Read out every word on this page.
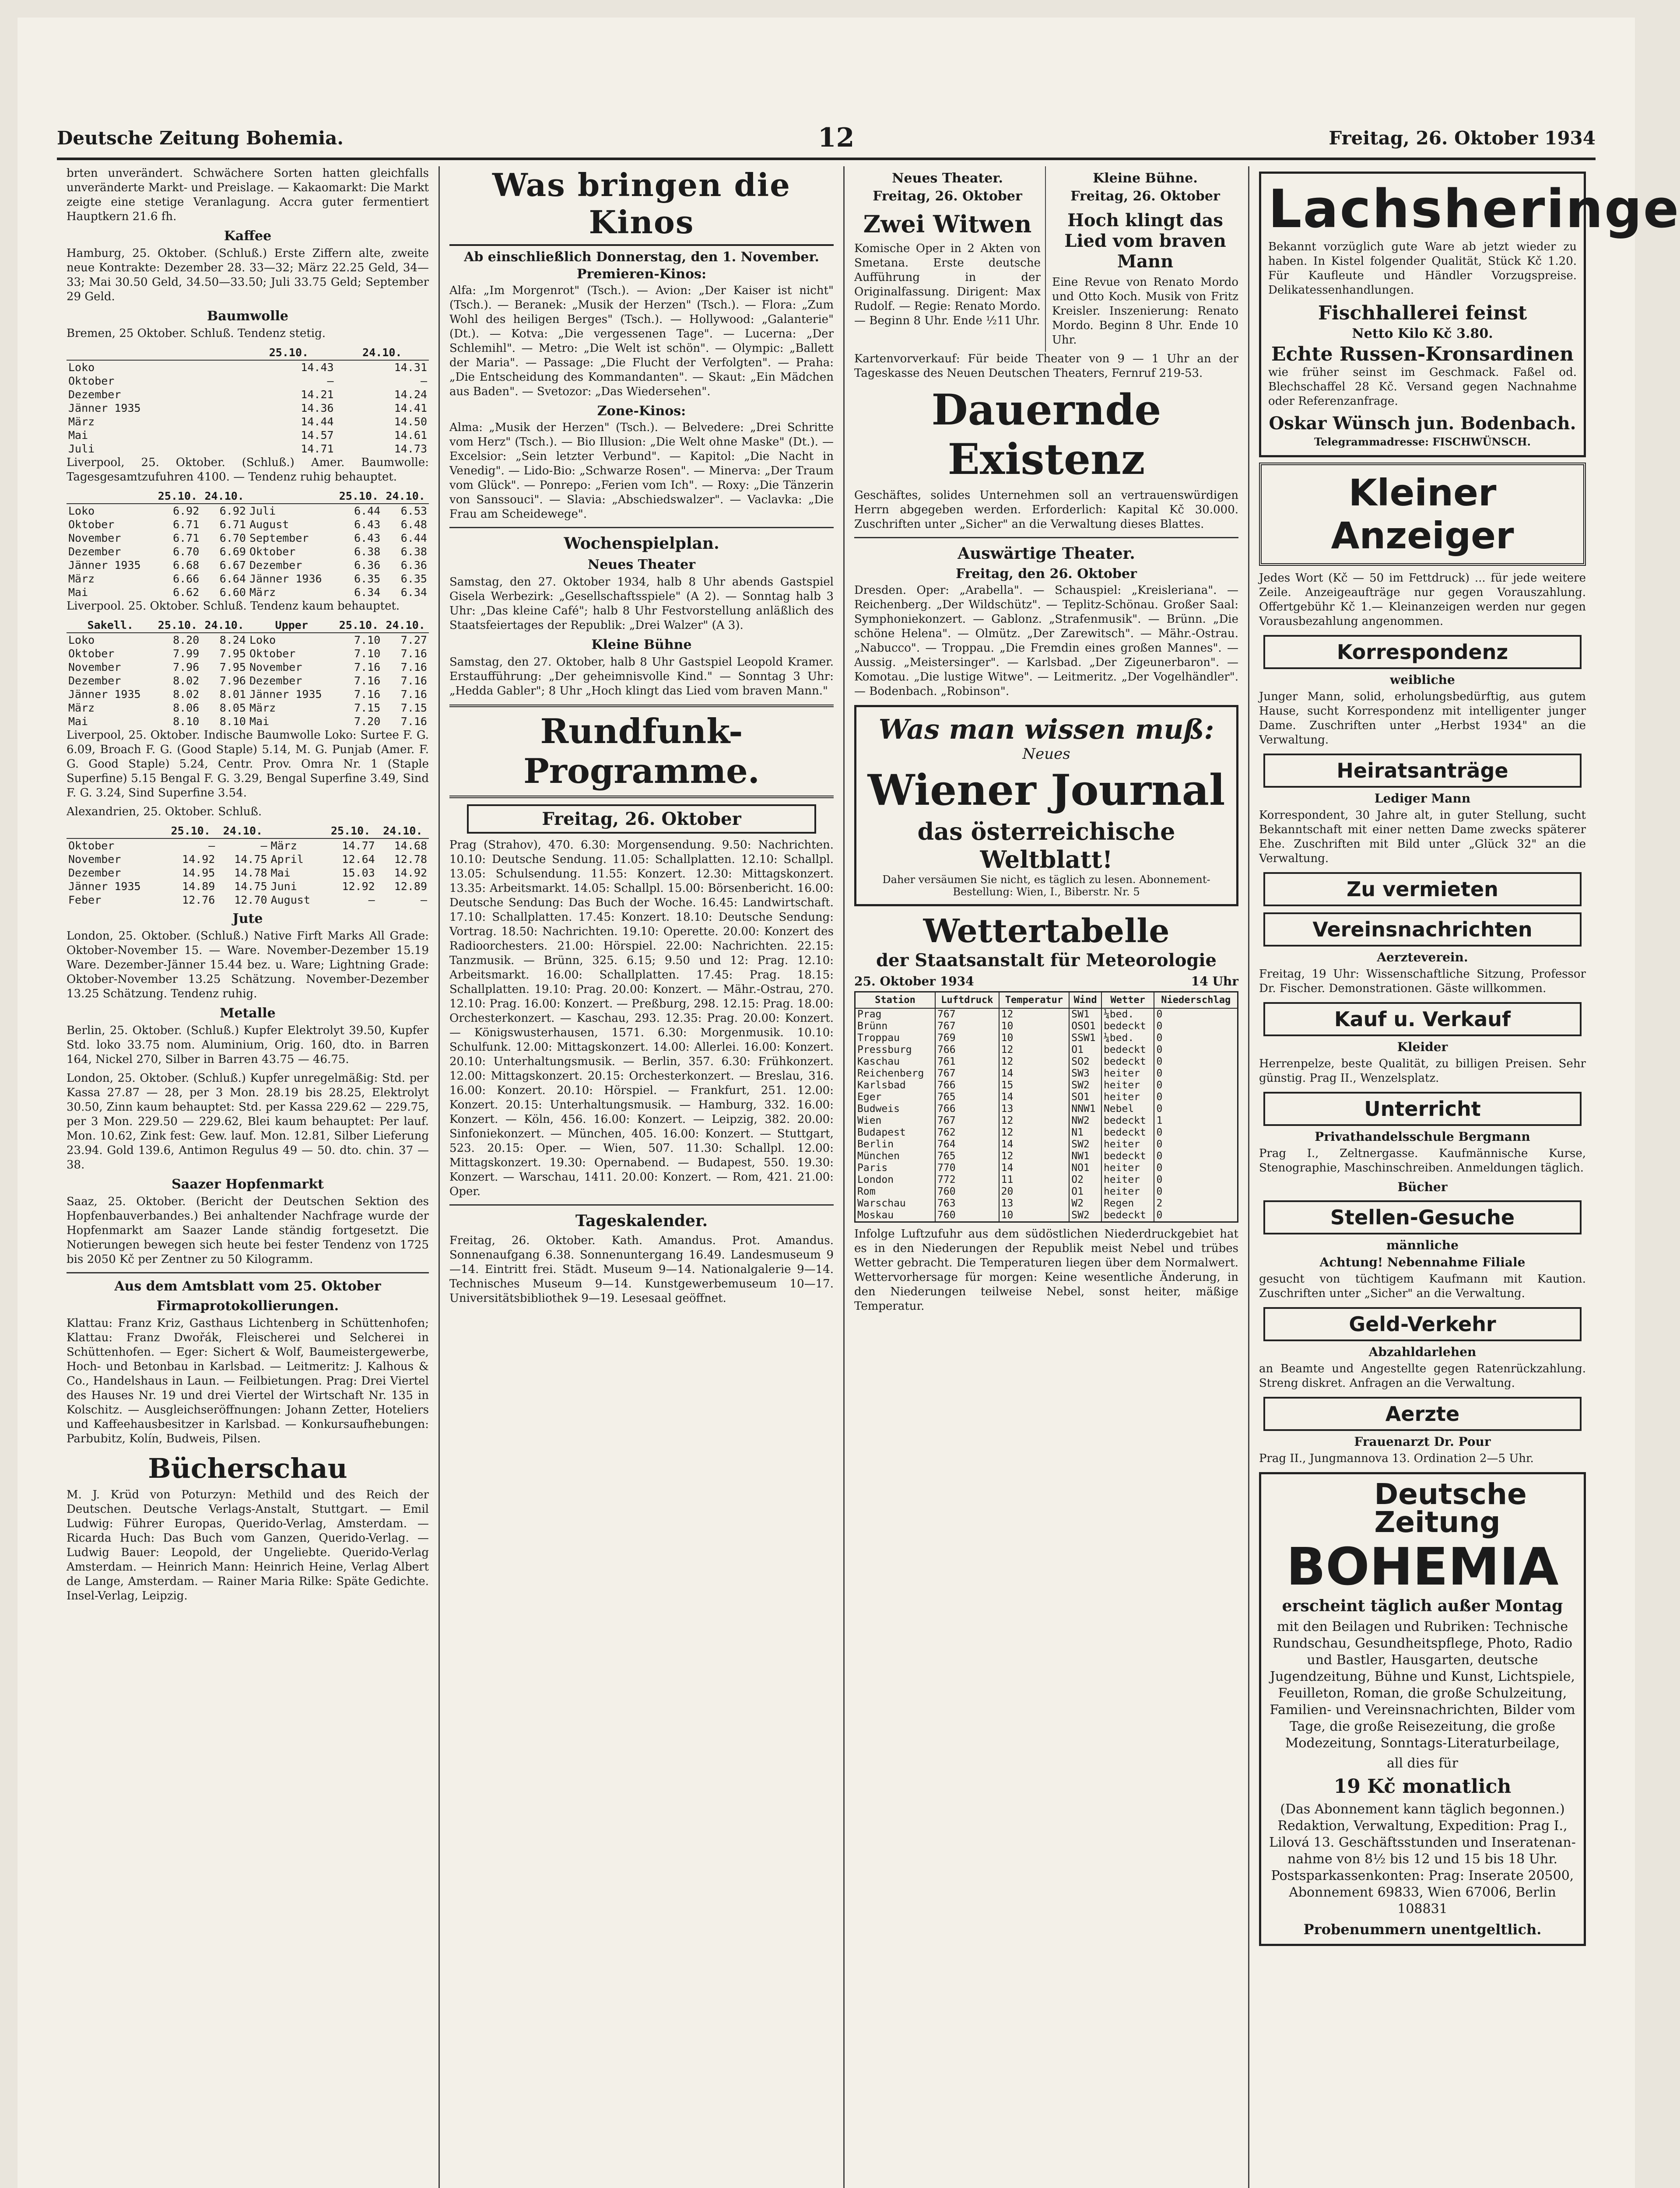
Deutsche Zeitung Bohemia.	12	Freitag, 26. Oktober 1934

brten unverändert. Schwächere Sorten hatten gleichfalls unveränderte Markt- und Preislage. — Kakaomarkt: Die Markt zeigte eine stetige Veranlagung. Accra guter fermentiert Hauptkern 21.6 fh.

Kaffee

Hamburg, 25. Oktober. (Schluß.) Erste Ziffern alte, zweite neue Kontrakte: Dezember 28. 33—32; März 22.25 Geld, 34—33; Mai 30.50 Geld, 34.50—33.50; Juli 33.75 Geld; September 29 Geld.

Baumwolle

Bremen, 25 Oktober. Schluß. Tendenz stetig.

	25.10.	24.10.
Loko	14.43	14.31
Oktober	—	—
Dezember	14.21	14.24
Jänner 1935	14.36	14.41
März	14.44	14.50
Mai	14.57	14.61
Juli	14.71	14.73

Liverpool, 25. Oktober. (Schluß.) Amer. Baumwolle: Tagesgesamtzufuhren 4100. — Tendenz ruhig behauptet.

	25.10.	24.10.		25.10.	24.10.
Loko	6.92	6.92	Juli	6.44	6.53
Oktober	6.71	6.71	August	6.43	6.48
November	6.71	6.70	September	6.43	6.44
Dezember	6.70	6.69	Oktober	6.38	6.38
Jänner 1935	6.68	6.67	Dezember	6.36	6.36
März	6.66	6.64	Jänner 1936	6.35	6.35
Mai	6.62	6.60	März	6.34	6.34

Liverpool. 25. Oktober. Schluß. Tendenz kaum behauptet.

Sakell.	25.10.	24.10.	Upper	25.10.	24.10.
Loko	8.20	8.24	Loko	7.10	7.27
Oktober	7.99	7.95	Oktober	7.10	7.16
November	7.96	7.95	November	7.16	7.16
Dezember	8.02	7.96	Dezember	7.16	7.16
Jänner 1935	8.02	8.01	Jänner 1935	7.16	7.16
März	8.06	8.05	März	7.15	7.15
Mai	8.10	8.10	Mai	7.20	7.16

Liverpool, 25. Oktober. Indische Baumwolle Loko: Surtee F. G. 6.09, Broach F. G. (Good Staple) 5.14, M. G. Punjab (Amer. F. G. Good Staple) 5.24, Centr. Prov. Omra Nr. 1 (Staple Superfine) 5.15 Bengal F. G. 3.29, Bengal Superfine 3.49, Sind F. G. 3.24, Sind Superfine 3.54.

Alexandrien, 25. Oktober. Schluß.

	25.10.	24.10.		25.10.	24.10.
Oktober	—	—	März	14.77	14.68
November	14.92	14.75	April	12.64	12.78
Dezember	14.95	14.78	Mai	15.03	14.92
Jänner 1935	14.89	14.75	Juni	12.92	12.89
Feber	12.76	12.70	August	—	—
Jute

London, 25. Oktober. (Schluß.) Native Firft Marks All Grade: Oktober-November 15. — Ware. November-Dezember 15.19 Ware. Dezember-Jänner 15.44 bez. u. Ware; Lightning Grade: Oktober-November 13.25 Schätzung. November-Dezember 13.25 Schätzung. Tendenz ruhig.

Metalle

Berlin, 25. Oktober. (Schluß.) Kupfer Elektrolyt 39.50, Kupfer Std. loko 33.75 nom. Aluminium, Orig. 160, dto. in Barren 164, Nickel 270, Silber in Barren 43.75 — 46.75.

London, 25. Oktober. (Schluß.) Kupfer unregelmäßig: Std. per Kassa 27.87 — 28, per 3 Mon. 28.19 bis 28.25, Elektrolyt 30.50, Zinn kaum behauptet: Std. per Kassa 229.62 — 229.75, per 3 Mon. 229.50 — 229.62, Blei kaum behauptet: Per lauf. Mon. 10.62, Zink fest: Gew. lauf. Mon. 12.81, Silber Lieferung 23.94. Gold 139.6, Antimon Regulus 49 — 50. dto. chin. 37 — 38.

Saazer Hopfenmarkt

Saaz, 25. Oktober. (Bericht der Deutschen Sektion des Hopfenbauverbandes.) Bei anhaltender Nachfrage wurde der Hopfenmarkt am Saazer Lande ständig fortgesetzt. Die Notierungen bewegen sich heute bei fester Tendenz von 1725 bis 2050 Kč per Zentner zu 50 Kilogramm.

Aus dem Amtsblatt vom 25. Oktober
Firmaprotokollierungen.

Klattau: Franz Kriz, Gasthaus Lichtenberg in Schüttenhofen; Klattau: Franz Dwořák, Fleischerei und Selcherei in Schüttenhofen. — Eger: Sichert & Wolf, Baumeistergewerbe, Hoch- und Betonbau in Karlsbad. — Leitmeritz: J. Kalhous & Co., Handelshaus in Laun. — Feilbietungen. Prag: Drei Viertel des Hauses Nr. 19 und drei Viertel der Wirtschaft Nr. 135 in Kolschitz. — Ausgleichseröffnungen: Johann Zetter, Hoteliers und Kaffeehausbesitzer in Karlsbad. — Konkursaufhebungen: Parbubitz, Kolín, Budweis, Pilsen.

Bücherschau

M. J. Krüd von Poturzyn: Methild und des Reich der Deutschen. Deutsche Verlags-Anstalt, Stuttgart. — Emil Ludwig: Führer Europas, Querido-Verlag, Amsterdam. — Ricarda Huch: Das Buch vom Ganzen, Querido-Verlag. — Ludwig Bauer: Leopold, der Ungeliebte. Querido-Verlag Amsterdam. — Heinrich Mann: Heinrich Heine, Verlag Albert de Lange, Amsterdam. — Rainer Maria Rilke: Späte Gedichte. Insel-Verlag, Leipzig.

Was bringen die Kinos
Ab einschließlich Donnerstag, den 1. November.
Premieren-Kinos:

Alfa: „Im Morgenrot" (Tsch.). — Avion: „Der Kaiser ist nicht" (Tsch.). — Beranek: „Musik der Herzen" (Tsch.). — Flora: „Zum Wohl des heiligen Berges" (Tsch.). — Hollywood: „Galanterie" (Dt.). — Kotva: „Die vergessenen Tage". — Lucerna: „Der Schlemihl". — Metro: „Die Welt ist schön". — Olympic: „Ballett der Maria". — Passage: „Die Flucht der Verfolgten". — Praha: „Die Entscheidung des Kommandanten". — Skaut: „Ein Mädchen aus Baden". — Svetozor: „Das Wiedersehen".

Zone-Kinos:

Alma: „Musik der Herzen" (Tsch.). — Belvedere: „Drei Schritte vom Herz" (Tsch.). — Bio Illusion: „Die Welt ohne Maske" (Dt.). — Excelsior: „Sein letzter Verbund". — Kapitol: „Die Nacht in Venedig". — Lido-Bio: „Schwarze Rosen". — Minerva: „Der Traum vom Glück". — Ponrepo: „Ferien vom Ich". — Roxy: „Die Tänzerin von Sanssouci". — Slavia: „Abschiedswalzer". — Vaclavka: „Die Frau am Scheidewege".

Wochenspielplan.
Neues Theater

Samstag, den 27. Oktober 1934, halb 8 Uhr abends Gastspiel Gisela Werbezirk: „Gesellschaftsspiele" (A 2). — Sonntag halb 3 Uhr: „Das kleine Café"; halb 8 Uhr Festvorstellung anläßlich des Staatsfeiertages der Republik: „Drei Walzer" (A 3).

Kleine Bühne

Samstag, den 27. Oktober, halb 8 Uhr Gastspiel Leopold Kramer. Erstaufführung: „Der geheimnisvolle Kind." — Sonntag 3 Uhr: „Hedda Gabler"; 8 Uhr „Hoch klingt das Lied vom braven Mann."

Rundfunk-Programme.
Freitag, 26. Oktober

Prag (Strahov), 470. 6.30: Morgensendung. 9.50: Nachrichten. 10.10: Deutsche Sendung. 11.05: Schallplatten. 12.10: Schallpl. 13.05: Schulsendung. 11.55: Konzert. 12.30: Mittagskonzert. 13.35: Arbeitsmarkt. 14.05: Schallpl. 15.00: Börsenbericht. 16.00: Deutsche Sendung: Das Buch der Woche. 16.45: Landwirtschaft. 17.10: Schallplatten. 17.45: Konzert. 18.10: Deutsche Sendung: Vortrag. 18.50: Nachrichten. 19.10: Operette. 20.00: Konzert des Radioorchesters. 21.00: Hörspiel. 22.00: Nachrichten. 22.15: Tanzmusik. — Brünn, 325. 6.15; 9.50 und 12: Prag. 12.10: Arbeitsmarkt. 16.00: Schallplatten. 17.45: Prag. 18.15: Schallplatten. 19.10: Prag. 20.00: Konzert. — Mähr.-Ostrau, 270. 12.10: Prag. 16.00: Konzert. — Preßburg, 298. 12.15: Prag. 18.00: Orchesterkonzert. — Kaschau, 293. 12.35: Prag. 20.00: Konzert. — Königswusterhausen, 1571. 6.30: Morgenmusik. 10.10: Schulfunk. 12.00: Mittagskonzert. 14.00: Allerlei. 16.00: Konzert. 20.10: Unterhaltungsmusik. — Berlin, 357. 6.30: Frühkonzert. 12.00: Mittagskonzert. 20.15: Orchesterkonzert. — Breslau, 316. 16.00: Konzert. 20.10: Hörspiel. — Frankfurt, 251. 12.00: Konzert. 20.15: Unterhaltungsmusik. — Hamburg, 332. 16.00: Konzert. — Köln, 456. 16.00: Konzert. — Leipzig, 382. 20.00: Sinfoniekonzert. — München, 405. 16.00: Konzert. — Stuttgart, 523. 20.15: Oper. — Wien, 507. 11.30: Schallpl. 12.00: Mittagskonzert. 19.30: Opernabend. — Budapest, 550. 19.30: Konzert. — Warschau, 1411. 20.00: Konzert. — Rom, 421. 21.00: Oper.

Tageskalender.

Freitag, 26. Oktober. Kath. Amandus. Prot. Amandus. Sonnenaufgang 6.38. Sonnenuntergang 16.49. Landesmuseum 9—14. Eintritt frei. Städt. Museum 9—14. Nationalgalerie 9—14. Technisches Museum 9—14. Kunstgewerbemuseum 10—17. Universitätsbibliothek 9—19. Lesesaal geöffnet.

Neues Theater.
Freitag, 26. Oktober
Zwei Witwen

Komische Oper in 2 Akten von Smetana. Erste deutsche Aufführung in der Originalfassung. Dirigent: Max Rudolf. — Regie: Renato Mordo. — Beginn 8 Uhr. Ende ½11 Uhr.

Kleine Bühne.
Freitag, 26. Oktober
Hoch klingt das Lied vom braven Mann

Eine Revue von Renato Mordo und Otto Koch. Musik von Fritz Kreisler. Inszenierung: Renato Mordo. Beginn 8 Uhr. Ende 10 Uhr.

Kartenvorverkauf: Für beide Theater von 9 — 1 Uhr an der Tageskasse des Neuen Deutschen Theaters, Fernruf 219-53.

Dauernde Existenz

Geschäftes, solides Unternehmen soll an vertrauenswürdigen Herrn abgegeben werden. Erforderlich: Kapital Kč 30.000. Zuschriften unter „Sicher" an die Verwaltung dieses Blattes.

Auswärtige Theater.
Freitag, den 26. Oktober

Dresden. Oper: „Arabella". — Schauspiel: „Kreisleriana". — Reichenberg. „Der Wildschütz". — Teplitz-Schönau. Großer Saal: Symphoniekonzert. — Gablonz. „Strafenmusik". — Brünn. „Die schöne Helena". — Olmütz. „Der Zarewitsch". — Mähr.-Ostrau. „Nabucco". — Troppau. „Die Fremdin eines großen Mannes". — Aussig. „Meistersinger". — Karlsbad. „Der Zigeunerbaron". — Komotau. „Die lustige Witwe". — Leitmeritz. „Der Vogelhändler". — Bodenbach. „Robinson".

Was man wissen muß:
Neues
Wiener Journal
das österreichische Weltblatt!
Daher versäumen Sie nicht, es täglich zu lesen. Abonnement-Bestellung: Wien, I., Biberstr. Nr. 5
Wettertabelle
der Staatsanstalt für Meteorologie
25. Oktober 1934	14 Uhr
Station	Luftdruck	Temperatur	Wind	Wetter	Niederschlag
Prag	767	12	SW1	¼bed.	0
Brünn	767	10	OSO1	bedeckt	0
Troppau	769	10	SSW1	¼bed.	0
Pressburg	766	12	O1	bedeckt	0
Kaschau	761	12	SO2	bedeckt	0
Reichenberg	767	14	SW3	heiter	0
Karlsbad	766	15	SW2	heiter	0
Eger	765	14	SO1	heiter	0
Budweis	766	13	NNW1	Nebel	0
Wien	767	12	NW2	bedeckt	1
Budapest	762	12	N1	bedeckt	0
Berlin	764	14	SW2	heiter	0
München	765	12	NW1	bedeckt	0
Paris	770	14	NO1	heiter	0
London	772	11	O2	heiter	0
Rom	760	20	O1	heiter	0
Warschau	763	13	W2	Regen	2
Moskau	760	10	SW2	bedeckt	0

Infolge Luftzufuhr aus dem südöstlichen Niederdruckgebiet hat es in den Niederungen der Republik meist Nebel und trübes Wetter gebracht. Die Temperaturen liegen über dem Normalwert. Wettervorhersage für morgen: Keine wesentliche Änderung, in den Niederungen teilweise Nebel, sonst heiter, mäßige Temperatur.

Lachsheringe

Bekannt vorzüglich gute Ware ab jetzt wieder zu haben. In Kistel folgender Qualität, Stück Kč 1.20. Für Kaufleute und Händler Vorzugspreise. Delikatessenhandlungen.

Fischhallerei feinst
Netto Kilo Kč 3.80.
Echte Russen-Kronsardinen

wie früher seinst im Geschmack. Faßel od. Blechschaffel 28 Kč. Versand gegen Nachnahme oder Referenzanfrage.

Oskar Wünsch jun. Bodenbach.
Telegrammadresse: FISCHWÜNSCH.
Kleiner Anzeiger

Jedes Wort (Kč — 50 im Fettdruck) ... für jede weitere Zeile. Anzeigeaufträge nur gegen Vorauszahlung. Offertgebühr Kč 1.— Kleinanzeigen werden nur gegen Vorausbezahlung angenommen.

Korrespondenz
weibliche

Junger Mann, solid, erholungsbedürftig, aus gutem Hause, sucht Korrespondenz mit intelligenter junger Dame. Zuschriften unter „Herbst 1934" an die Verwaltung.

Heiratsanträge
Lediger Mann

Korrespondent, 30 Jahre alt, in guter Stellung, sucht Bekanntschaft mit einer netten Dame zwecks späterer Ehe. Zuschriften mit Bild unter „Glück 32" an die Verwaltung.

Zu vermieten
Vereinsnachrichten
Aerzteverein.

Freitag, 19 Uhr: Wissenschaftliche Sitzung, Professor Dr. Fischer. Demonstrationen. Gäste willkommen.

Kauf u. Verkauf
Kleider

Herrenpelze, beste Qualität, zu billigen Preisen. Sehr günstig. Prag II., Wenzelsplatz.

Unterricht
Privathandelsschule Bergmann

Prag I., Zeltnergasse. Kaufmännische Kurse, Stenographie, Maschinschreiben. Anmeldungen täglich.

Bücher
Stellen-Gesuche
männliche
Achtung! Nebennahme Filiale

gesucht von tüchtigem Kaufmann mit Kaution. Zuschriften unter „Sicher" an die Verwaltung.

Geld-Verkehr
Abzahldarlehen

an Beamte und Angestellte gegen Ratenrückzahlung. Streng diskret. Anfragen an die Verwaltung.

Aerzte
Frauenarzt Dr. Pour

Prag II., Jungmannova 13. Ordination 2—5 Uhr.

Deutsche Zeitung BOHEMIA
erscheint täglich außer Montag
mit den Beilagen und Rubriken: Technische Rundschau, Gesundheitspflege, Photo, Radio und Bastler, Hausgarten, deutsche Jugendzeitung, Bühne und Kunst, Lichtspiele, Feuilleton, Roman, die große Schulzeitung, Familien- und Vereinsnachrichten, Bilder vom Tage, die große Reisezeitung, die große Modezeitung, Sonntags-Literaturbeilage,
all dies für
19 Kč monatlich
(Das Abonnement kann täglich begonnen.) Redaktion, Verwaltung, Expedition: Prag I., Lilová 13. Geschäftsstunden und Inseratenannahme von 8½ bis 12 und 15 bis 18 Uhr. Postsparkassenkonten: Prag: Inserate 20500, Abonnement 69833, Wien 67006, Berlin 108831
Probenummern unentgeltlich.
